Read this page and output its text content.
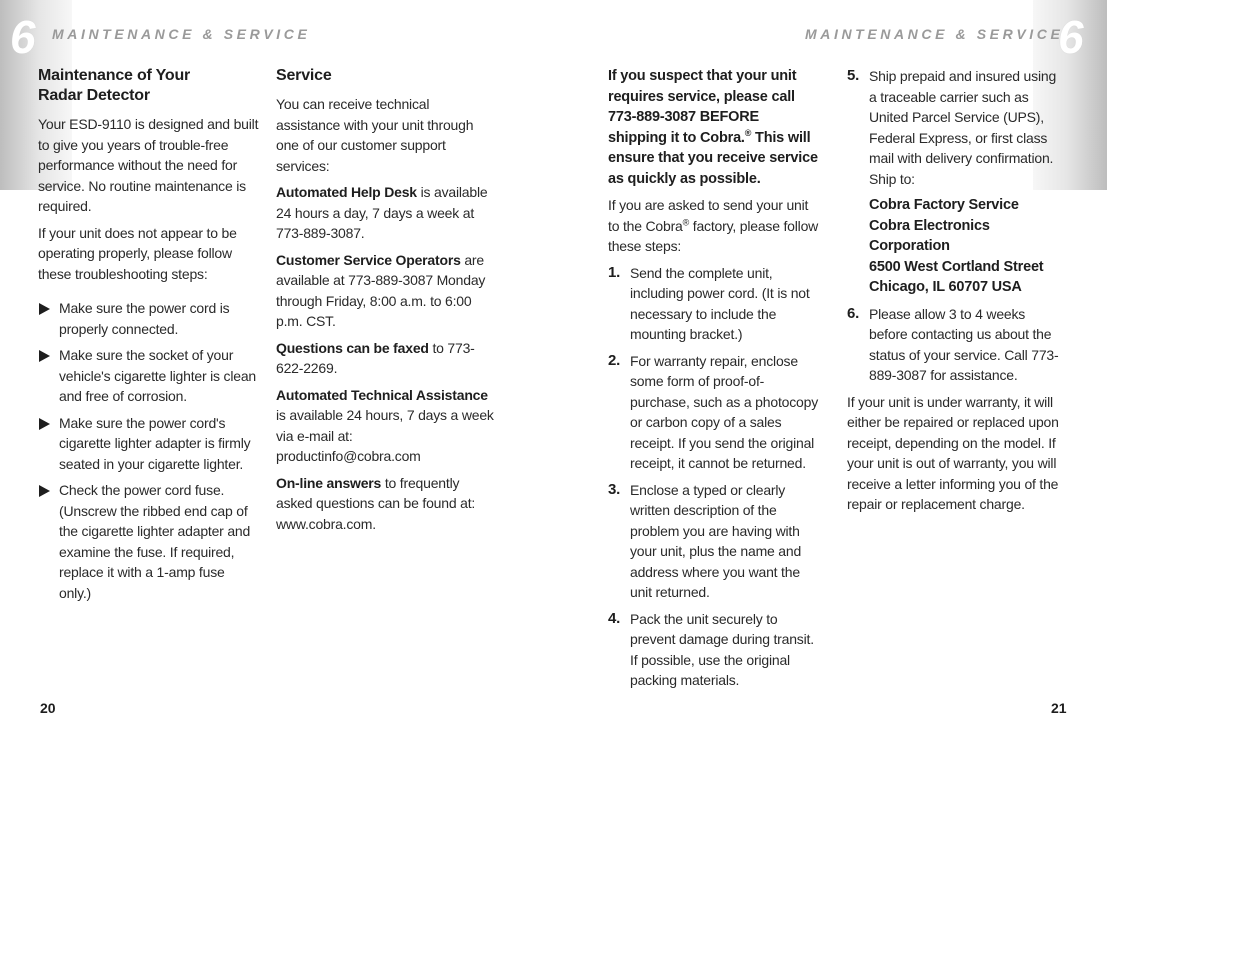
6	6
MAINTENANCE & SERVICE	MAINTENANCE & SERVICE
Maintenance of Your
Radar Detector

Your ESD-9110 is designed and built to give you years of trouble-free performance without the need for service. No routine maintenance is required.

If your unit does not appear to be operating properly, please follow these troubleshooting steps:

Make sure the power cord is properly connected.
Make sure the socket of your vehicle's cigarette lighter is clean and free of corrosion.
Make sure the power cord's cigarette lighter adapter is firmly seated in your cigarette lighter.
Check the power cord fuse. (Unscrew the ribbed end cap of the cigarette lighter adapter and examine the fuse. If required, replace it with a 1-amp fuse only.)
Service

You can receive technical assistance with your unit through one of our customer support services:

Automated Help Desk is available 24 hours a day, 7 days a week at 773-889-3087.

Customer Service Operators are available at 773-889-3087 Monday through Friday, 8:00 a.m. to 6:00 p.m. CST.

Questions can be faxed to 773-622-2269.

Automated Technical Assistance is available 24 hours, 7 days a week via e-mail at: productinfo@cobra.com

On-line answers to frequently asked questions can be found at: www.cobra.com.

If you suspect that your unit requires service, please call 773-889-3087 BEFORE shipping it to Cobra.® This will ensure that you receive service as quickly as possible.

If you are asked to send your unit to the Cobra® factory, please follow these steps:

1. Send the complete unit, including power cord. (It is not necessary to include the mounting bracket.)
2. For warranty repair, enclose some form of proof-of-purchase, such as a photocopy or carbon copy of a sales receipt. If you send the original receipt, it cannot be returned.
3. Enclose a typed or clearly written description of the problem you are having with your unit, plus the name and address where you want the unit returned.
4. Pack the unit securely to prevent damage during transit. If possible, use the original packing materials.
5. Ship prepaid and insured using a traceable carrier such as United Parcel Service (UPS), Federal Express, or first class mail with delivery confirmation. Ship to:
Cobra Factory Service
Cobra Electronics Corporation
6500 West Cortland Street
Chicago, IL 60707 USA
6. Please allow 3 to 4 weeks before contacting us about the status of your service. Call 773-889-3087 for assistance.

If your unit is under warranty, it will either be repaired or replaced upon receipt, depending on the model. If your unit is out of warranty, you will receive a letter informing you of the repair or replacement charge.

20	21
